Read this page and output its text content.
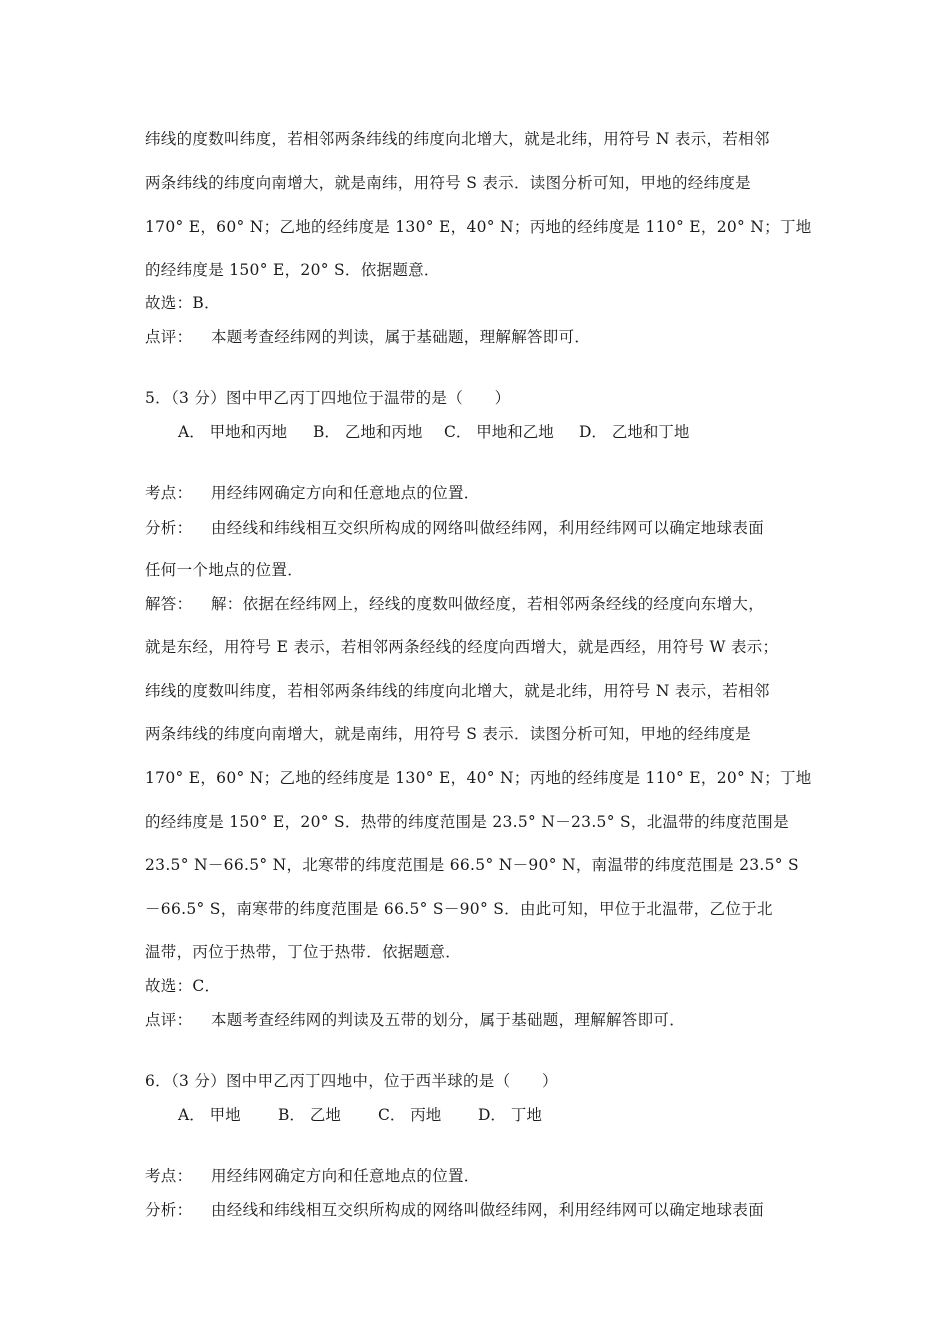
纬线的度数叫纬度，若相邻两条纬线的纬度向北增大，就是北纬，用符号 N 表示，若相邻
两条纬线的纬度向南增大，就是南纬，用符号 S 表示．读图分析可知，甲地的经纬度是
170° E，60° N；乙地的经纬度是 130° E，40° N；丙地的经纬度是 110° E，20° N；丁地
的经纬度是 150° E，20° S．依据题意．
故选：B．
点评： 本题考查经纬网的判读，属于基础题，理解解答即可．
5．（3 分）图中甲乙丙丁四地位于温带的是（　　）
A． 甲地和丙地 B． 乙地和丙地 C． 甲地和乙地 D． 乙地和丁地
考点： 用经纬网确定方向和任意地点的位置．
分析： 由经线和纬线相互交织所构成的网络叫做经纬网，利用经纬网可以确定地球表面
任何一个地点的位置．
解答： 解：依据在经纬网上，经线的度数叫做经度，若相邻两条经线的经度向东增大，
就是东经，用符号 E 表示，若相邻两条经线的经度向西增大，就是西经，用符号 W 表示；
纬线的度数叫纬度，若相邻两条纬线的纬度向北增大，就是北纬，用符号 N 表示，若相邻
两条纬线的纬度向南增大，就是南纬，用符号 S 表示．读图分析可知，甲地的经纬度是
170° E，60° N；乙地的经纬度是 130° E，40° N；丙地的经纬度是 110° E，20° N；丁地
的经纬度是 150° E，20° S．热带的纬度范围是 23.5° N－23.5° S，北温带的纬度范围是
23.5° N－66.5° N，北寒带的纬度范围是 66.5° N－90° N，南温带的纬度范围是 23.5° S
－66.5° S，南寒带的纬度范围是 66.5° S－90° S．由此可知，甲位于北温带，乙位于北
温带，丙位于热带，丁位于热带．依据题意．
故选：C．
点评： 本题考查经纬网的判读及五带的划分，属于基础题，理解解答即可．
6．（3 分）图中甲乙丙丁四地中，位于西半球的是（　　）
A． 甲地 B． 乙地 C． 丙地 D． 丁地
考点： 用经纬网确定方向和任意地点的位置．
分析： 由经线和纬线相互交织所构成的网络叫做经纬网，利用经纬网可以确定地球表面
